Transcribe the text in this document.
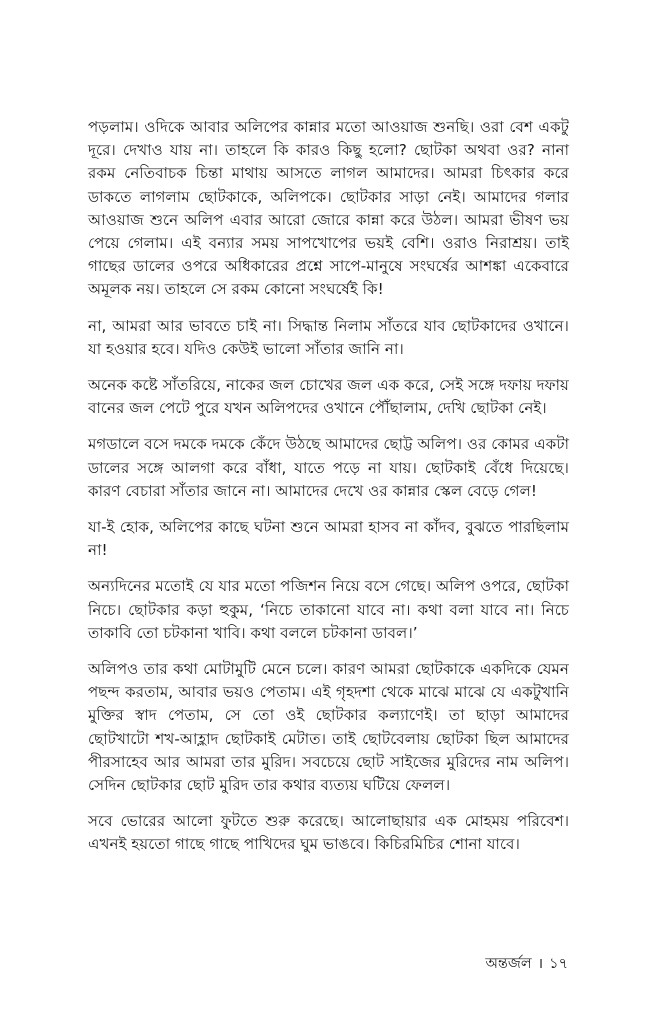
পড়লাম। ওদিকে আবার অলিপের কান্নার মতো আওয়াজ শুনছি। ওরা বেশ একটু দূরে। দেখাও যায় না। তাহলে কি কারও কিছু হলো? ছোটকা অথবা ওর? নানা রকম নেতিবাচক চিন্তা মাথায় আসতে লাগল আমাদের। আমরা চিৎকার করে ডাকতে লাগলাম ছোটকাকে, অলিপকে। ছোটকার সাড়া নেই। আমাদের গলার আওয়াজ শুনে অলিপ এবার আরো জোরে কান্না করে উঠল। আমরা ভীষণ ভয় পেয়ে গেলাম। এই বন্যার সময় সাপখোপের ভয়ই বেশি। ওরাও নিরাশ্রয়। তাই গাছের ডালের ওপরে অধিকারের প্রশ্নে সাপে-মানুষে সংঘর্ষের আশঙ্কা একেবারে অমূলক নয়। তাহলে সে রকম কোনো সংঘর্ষেই কি!

না, আমরা আর ভাবতে চাই না। সিদ্ধান্ত নিলাম সাঁতরে যাব ছোটকাদের ওখানে। যা হওয়ার হবে। যদিও কেউই ভালো সাঁতার জানি না।

অনেক কষ্টে সাঁতরিয়ে, নাকের জল চোখের জল এক করে, সেই সঙ্গে দফায় দফায় বানের জল পেটে পুরে যখন অলিপদের ওখানে পৌঁছালাম, দেখি ছোটকা নেই।

মগডালে বসে দমকে দমকে কেঁদে উঠছে আমাদের ছোট্ট অলিপ। ওর কোমর একটা ডালের সঙ্গে আলগা করে বাঁধা, যাতে পড়ে না যায়। ছোটকাই বেঁধে দিয়েছে। কারণ বেচারা সাঁতার জানে না। আমাদের দেখে ওর কান্নার স্কেল বেড়ে গেল!

যা-ই হোক, অলিপের কাছে ঘটনা শুনে আমরা হাসব না কাঁদব, বুঝতে পারছিলাম না!

অন্যদিনের মতোই যে যার মতো পজিশন নিয়ে বসে গেছে। অলিপ ওপরে, ছোটকা নিচে। ছোটকার কড়া হুকুম, ‘নিচে তাকানো যাবে না। কথা বলা যাবে না। নিচে তাকাবি তো চটকানা খাবি। কথা বললে চটকানা ডাবল।’

অলিপও তার কথা মোটামুটি মেনে চলে। কারণ আমরা ছোটকাকে একদিকে যেমন পছন্দ করতাম, আবার ভয়ও পেতাম। এই গৃহদশা থেকে মাঝে মাঝে যে একটুখানি মুক্তির স্বাদ পেতাম, সে তো ওই ছোটকার কল্যাণেই। তা ছাড়া আমাদের ছোটখাটো শখ-আহ্লাদ ছোটকাই মেটাত। তাই ছোটবেলায় ছোটকা ছিল আমাদের পীরসাহেব আর আমরা তার মুরিদ। সবচেয়ে ছোট সাইজের মুরিদের নাম অলিপ। সেদিন ছোটকার ছোট মুরিদ তার কথার ব্যত্যয় ঘটিয়ে ফেলল।

সবে ভোরের আলো ফুটতে শুরু করেছে। আলোছায়ার এক মোহময় পরিবেশ। এখনই হয়তো গাছে গাছে পাখিদের ঘুম ভাঙবে। কিচিরমিচির শোনা যাবে।

অন্তর্জল । ১৭
